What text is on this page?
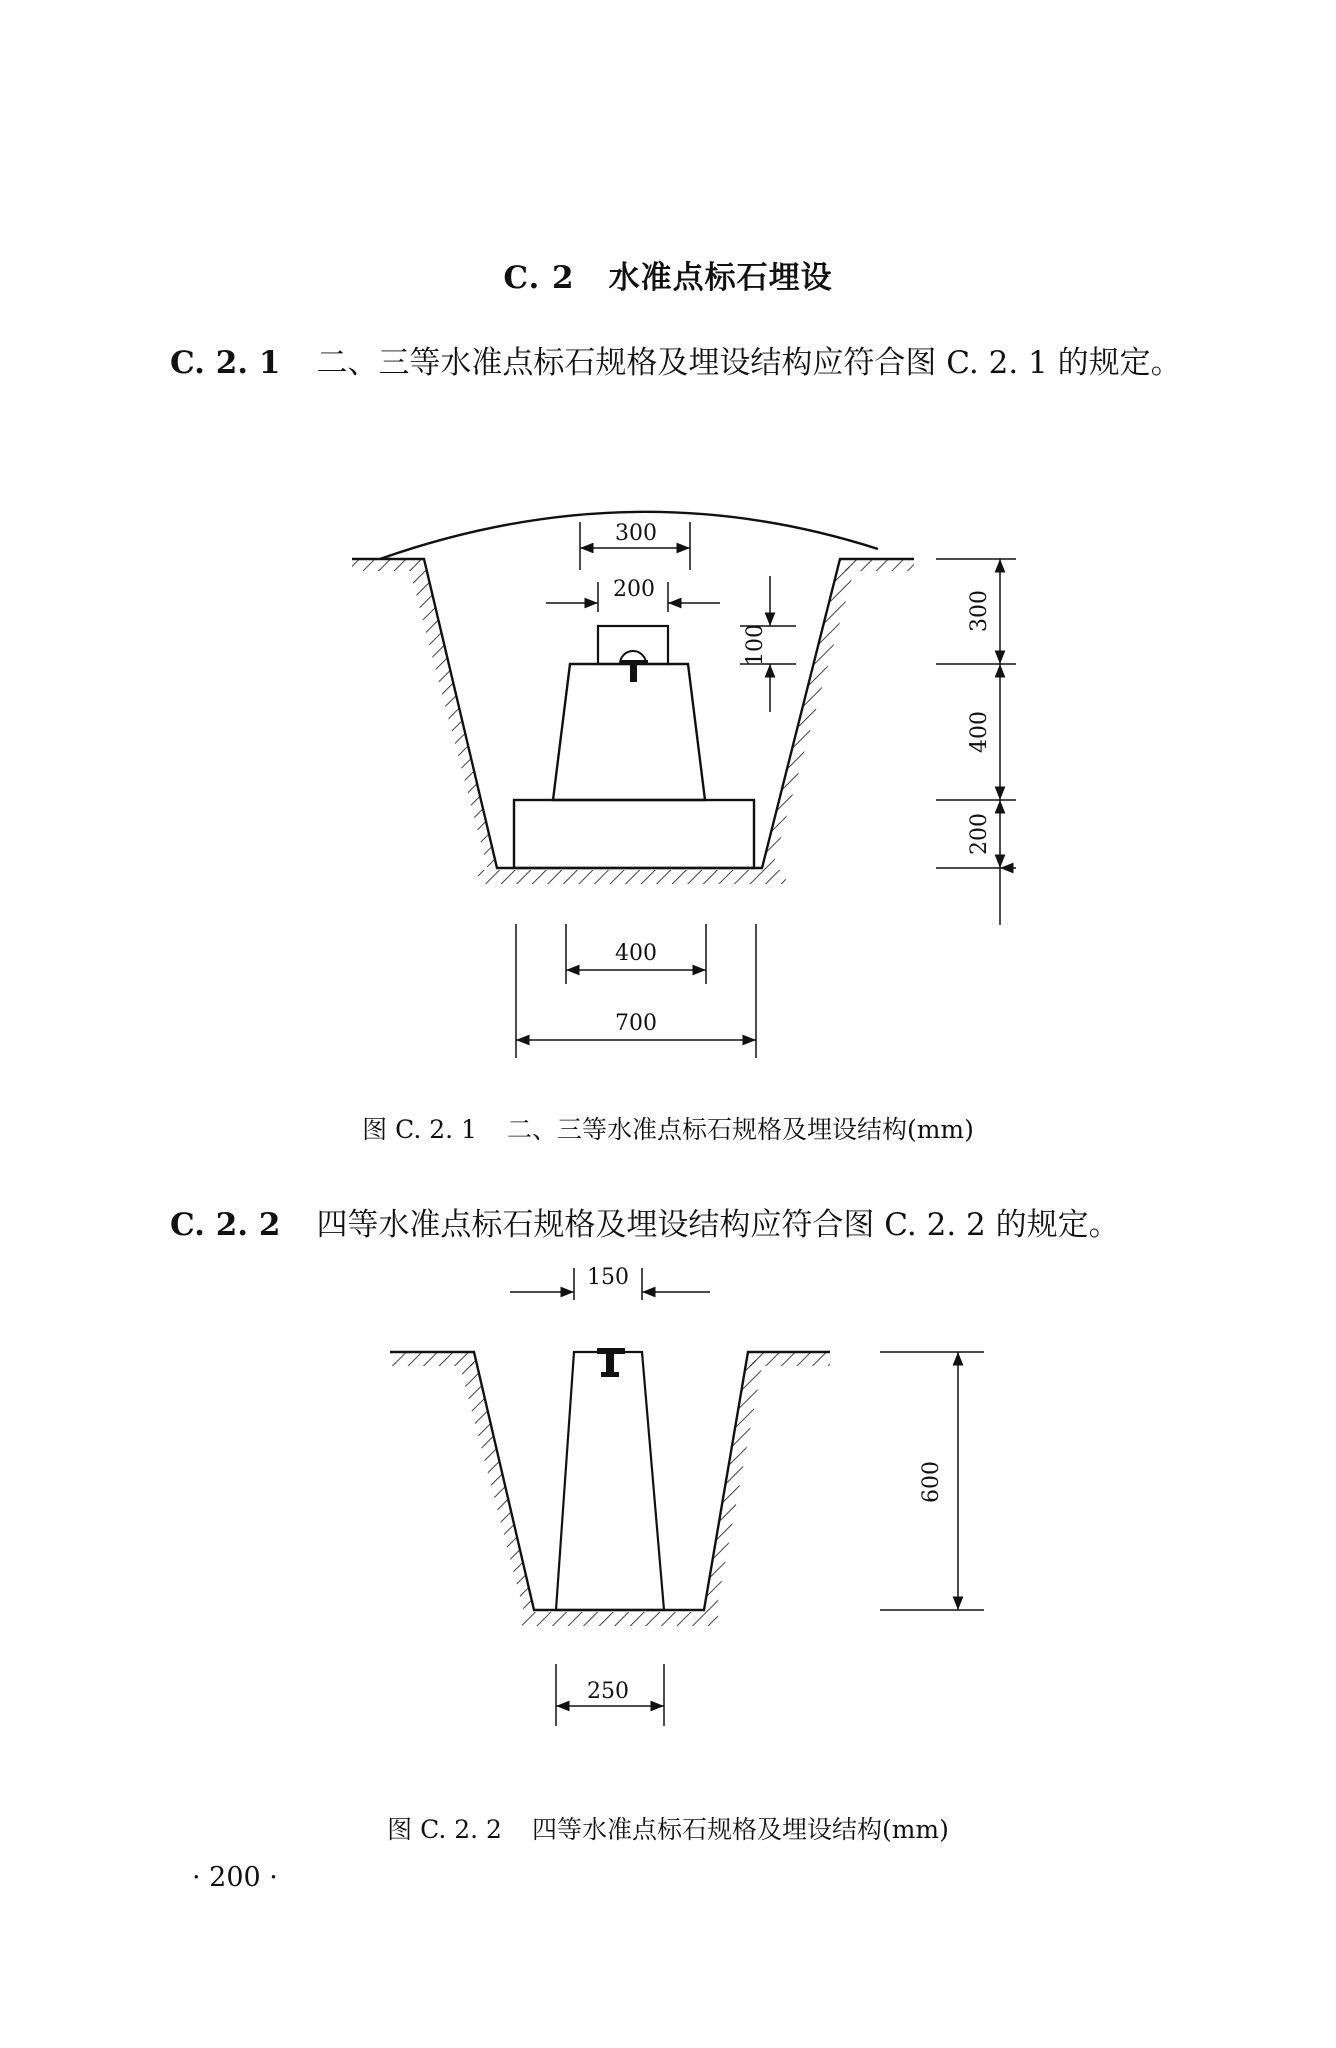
C. 2 水准点标石埋设
C. 2. 1 二、三等水准点标石规格及埋设结构应符合图 C. 2. 1 的规定。
300
200
100
300
400
200
400
700
图 C. 2. 1 二、三等水准点标石规格及埋设结构(mm)
C. 2. 2 四等水准点标石规格及埋设结构应符合图 C. 2. 2 的规定。
150
600
250
图 C. 2. 2 四等水准点标石规格及埋设结构(mm)
· 200 ·
